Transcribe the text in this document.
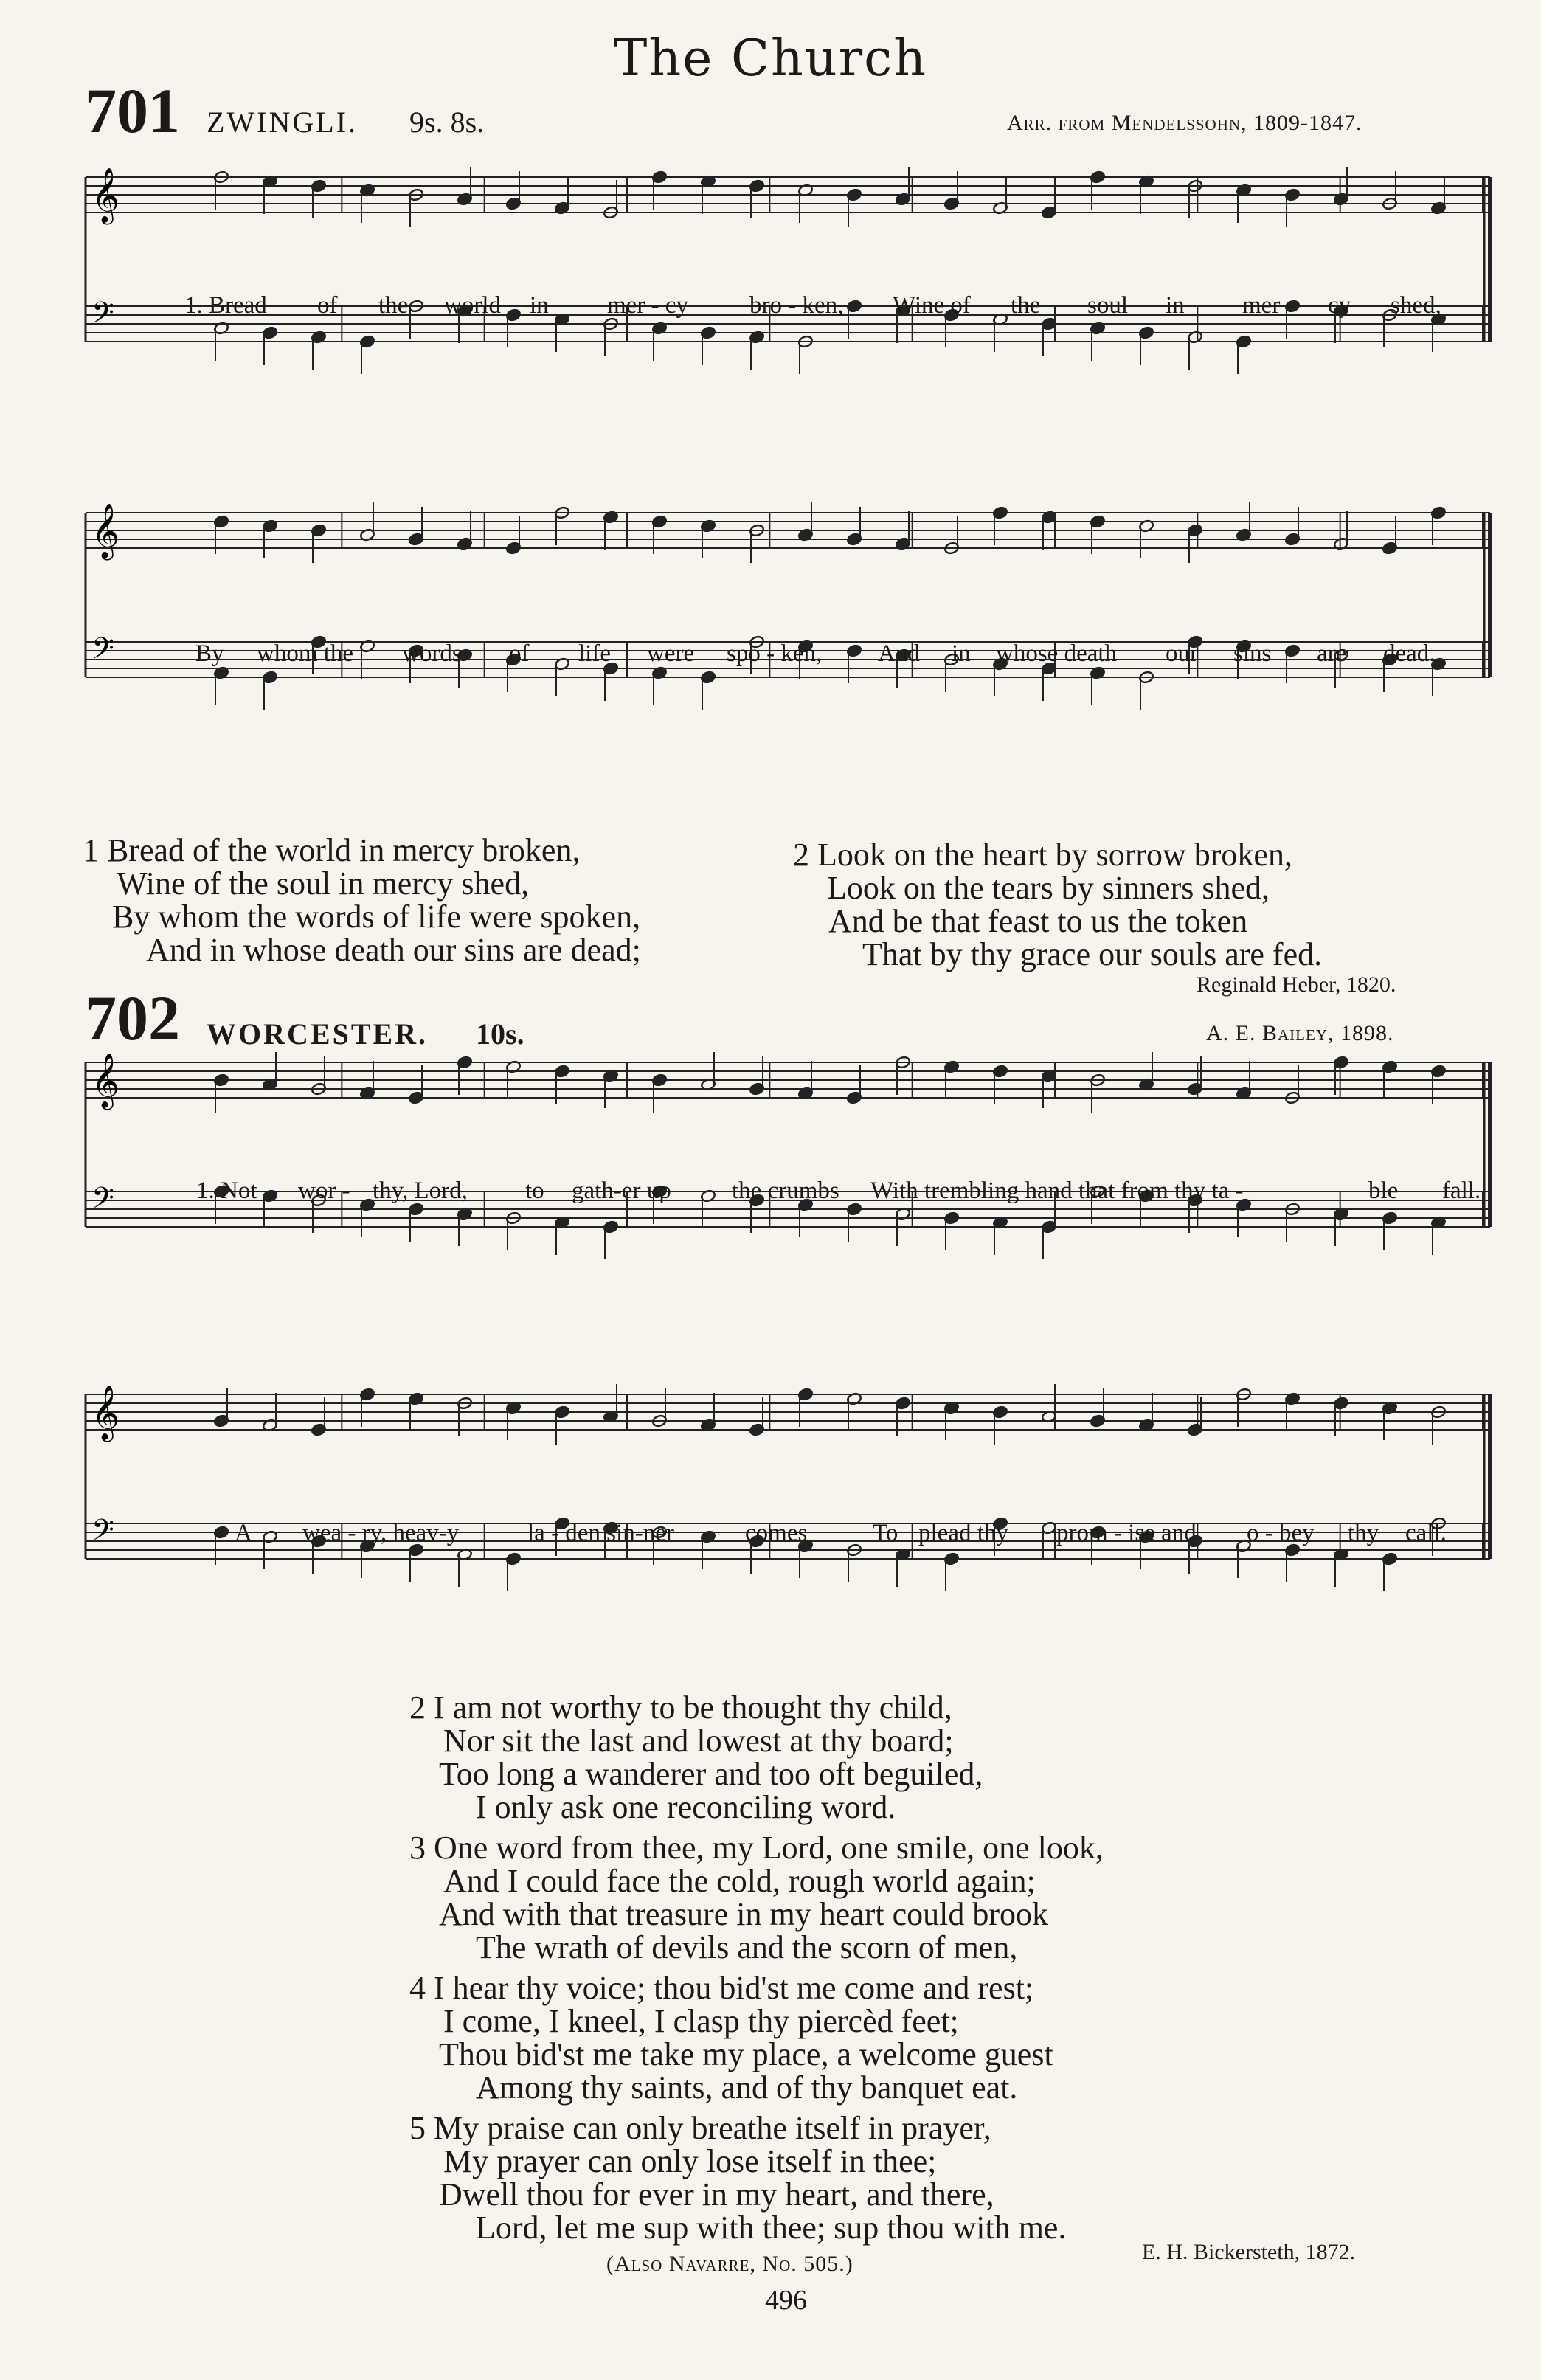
The Church
701 ZWINGLI. 9s. 8s.	Arr. from Mendelssohn, 1809-1847.
𝄞
𝄢	1. Bread of the world in mer - cy	bro - ken, Wine of the soul in mer - cy shed,
𝄞
𝄢	By whom the words of life were spo - ken, And in whose death our sins are dead.
1 Bread of the world in mercy broken,
Wine of the soul in mercy shed,
By whom the words of life were spoken,
And in whose death our sins are dead;
2 Look on the heart by sorrow broken,
Look on the tears by sinners shed,
And be that feast to us the token
That by thy grace our souls are fed.
Reginald Heber, 1820.
702 WORCESTER. 10s.	A. E. Bailey, 1898.
𝄞
𝄢	1. Not wor - thy, Lord, to gath-er up the crumbs With trembling hand that from thy ta -	ble fall.
𝄞
𝄢	A wea - ry, heav-y	la - den sin-ner	comes	To plead thy prom - ise and o - bey thy call.
2 I am not worthy to be thought thy child,
Nor sit the last and lowest at thy board;
Too long a wanderer and too oft beguiled,
I only ask one reconciling word.
3 One word from thee, my Lord, one smile, one look,
And I could face the cold, rough world again;
And with that treasure in my heart could brook
The wrath of devils and the scorn of men,
4 I hear thy voice; thou bid'st me come and rest;
I come, I kneel, I clasp thy piercèd feet;
Thou bid'st me take my place, a welcome guest
Among thy saints, and of thy banquet eat.
5 My praise can only breathe itself in prayer,
My prayer can only lose itself in thee;
Dwell thou for ever in my heart, and there,
Lord, let me sup with thee; sup thou with me.
E. H. Bickersteth, 1872.
(Also Navarre, No. 505.)
496
